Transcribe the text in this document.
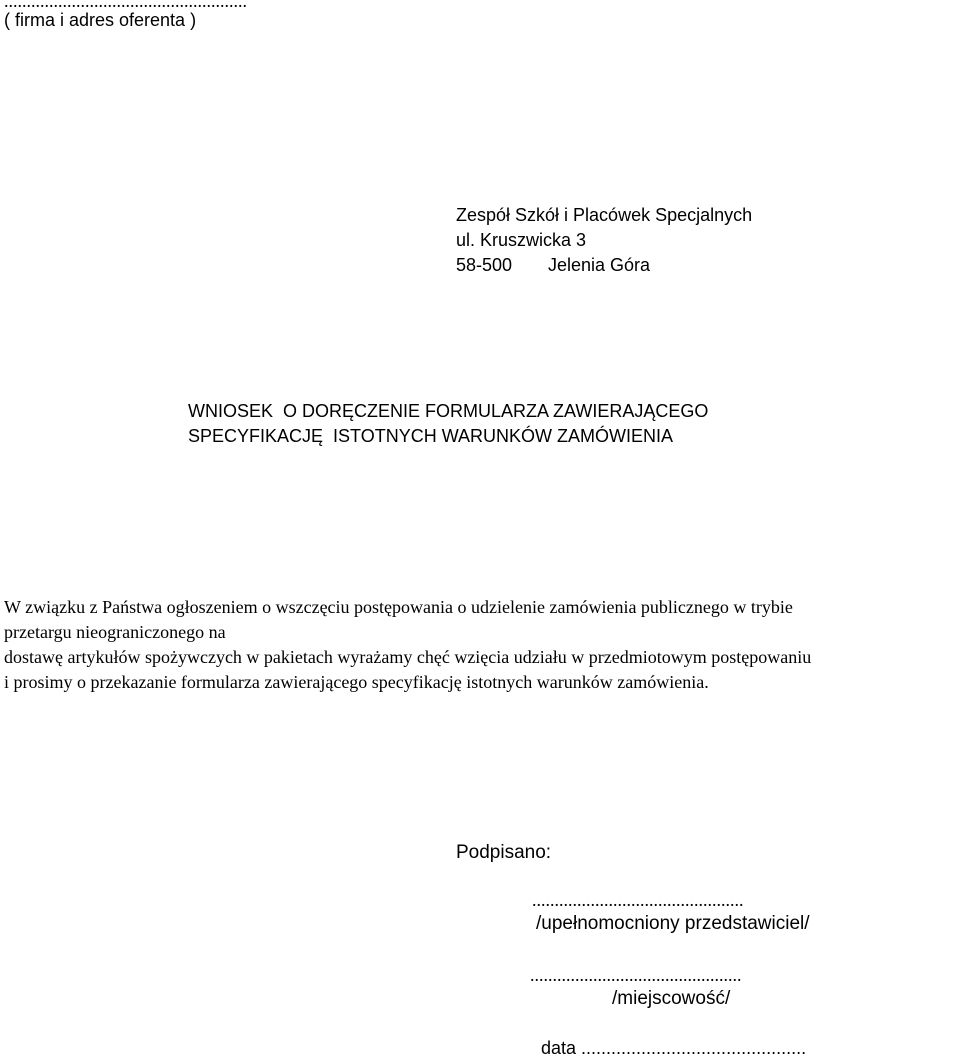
......................................................
( firma i adres oferenta )
Zespół Szkół i Placówek Specjalnych
ul. Kruszwicka 3
58-500 Jelenia Góra
WNIOSEK  O DORĘCZENIE FORMULARZA ZAWIERAJĄCEGO
SPECYFIKACJĘ  ISTOTNYCH WARUNKÓW ZAMÓWIENIA
W związku z Państwa ogłoszeniem o wszczęciu postępowania o udzielenie zamówienia publicznego w trybie
przetargu nieograniczonego na
dostawę artykułów spożywczych w pakietach wyrażamy chęć wzięcia udziału w przedmiotowym postępowaniu
i prosimy o przekazanie formularza zawierającego specyfikację istotnych warunków zamówienia.
Podpisano:
...............................................
/upełnomocniony przedstawiciel/
...............................................
/miejscowość/
data .............................................
